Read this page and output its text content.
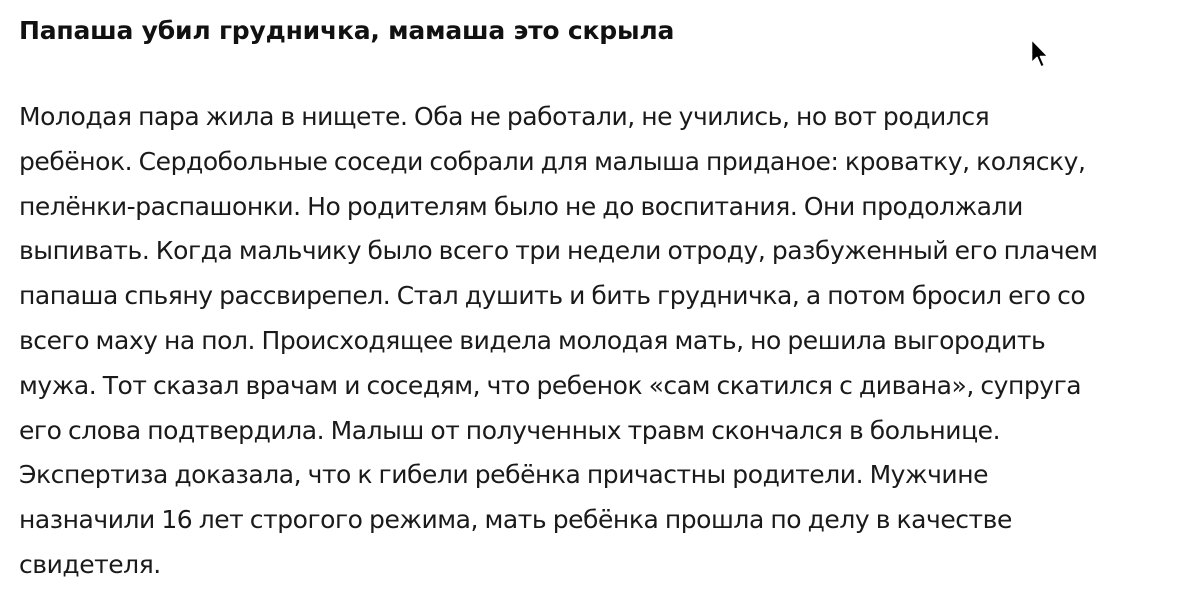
Папаша убил грудничка, мамаша это скрыла

Молодая пара жила в нищете. Оба не работали, не учились, но вот родился
ребёнок. Сердобольные соседи собрали для малыша приданое: кроватку, коляску,
пелёнки-распашонки. Но родителям было не до воспитания. Они продолжали
выпивать. Когда мальчику было всего три недели отроду, разбуженный его плачем
папаша спьяну рассвирепел. Стал душить и бить грудничка, а потом бросил его со
всего маху на пол. Происходящее видела молодая мать, но решила выгородить
мужа. Тот сказал врачам и соседям, что ребенок «сам скатился с дивана», супруга
его слова подтвердила. Малыш от полученных травм скончался в больнице.
Экспертиза доказала, что к гибели ребёнка причастны родители. Мужчине
назначили 16 лет строгого режима, мать ребёнка прошла по делу в качестве
свидетеля.
